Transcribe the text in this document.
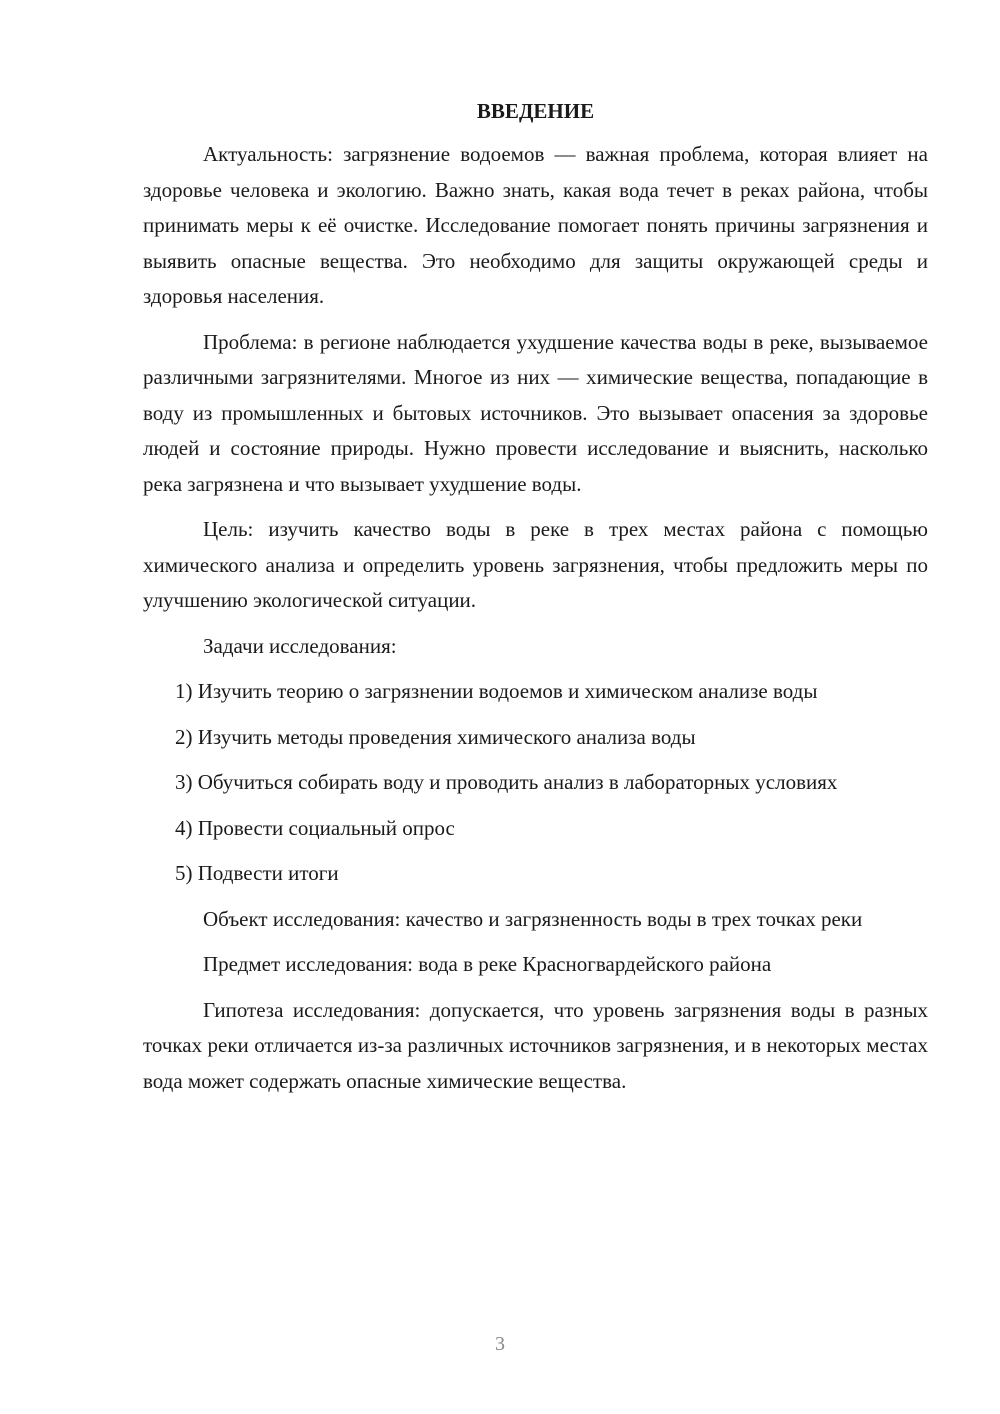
ВВЕДЕНИЕ

Актуальность: загрязнение водоемов — важная проблема, которая влияет на здоровье человека и экологию. Важно знать, какая вода течет в реках района, чтобы принимать меры к её очистке. Исследование помогает понять причины загрязнения и выявить опасные вещества. Это необходимо для защиты окружающей среды и здоровья населения.

Проблема: в регионе наблюдается ухудшение качества воды в реке, вызываемое различными загрязнителями. Многое из них — химические вещества, попадающие в воду из промышленных и бытовых источников. Это вызывает опасения за здоровье людей и состояние природы. Нужно провести исследование и выяснить, насколько река загрязнена и что вызывает ухудшение воды.

Цель: изучить качество воды в реке в трех местах района с помощью химического анализа и определить уровень загрязнения, чтобы предложить меры по улучшению экологической ситуации.

Задачи исследования:

1) Изучить теорию о загрязнении водоемов и химическом анализе воды

2) Изучить методы проведения химического анализа воды

3) Обучиться собирать воду и проводить анализ в лабораторных условиях

4) Провести социальный опрос

5) Подвести итоги

Объект исследования: качество и загрязненность воды в трех точках реки

Предмет исследования: вода в реке Красногвардейского района

Гипотеза исследования: допускается, что уровень загрязнения воды в разных точках реки отличается из-за различных источников загрязнения, и в некоторых местах вода может содержать опасные химические вещества.

3
